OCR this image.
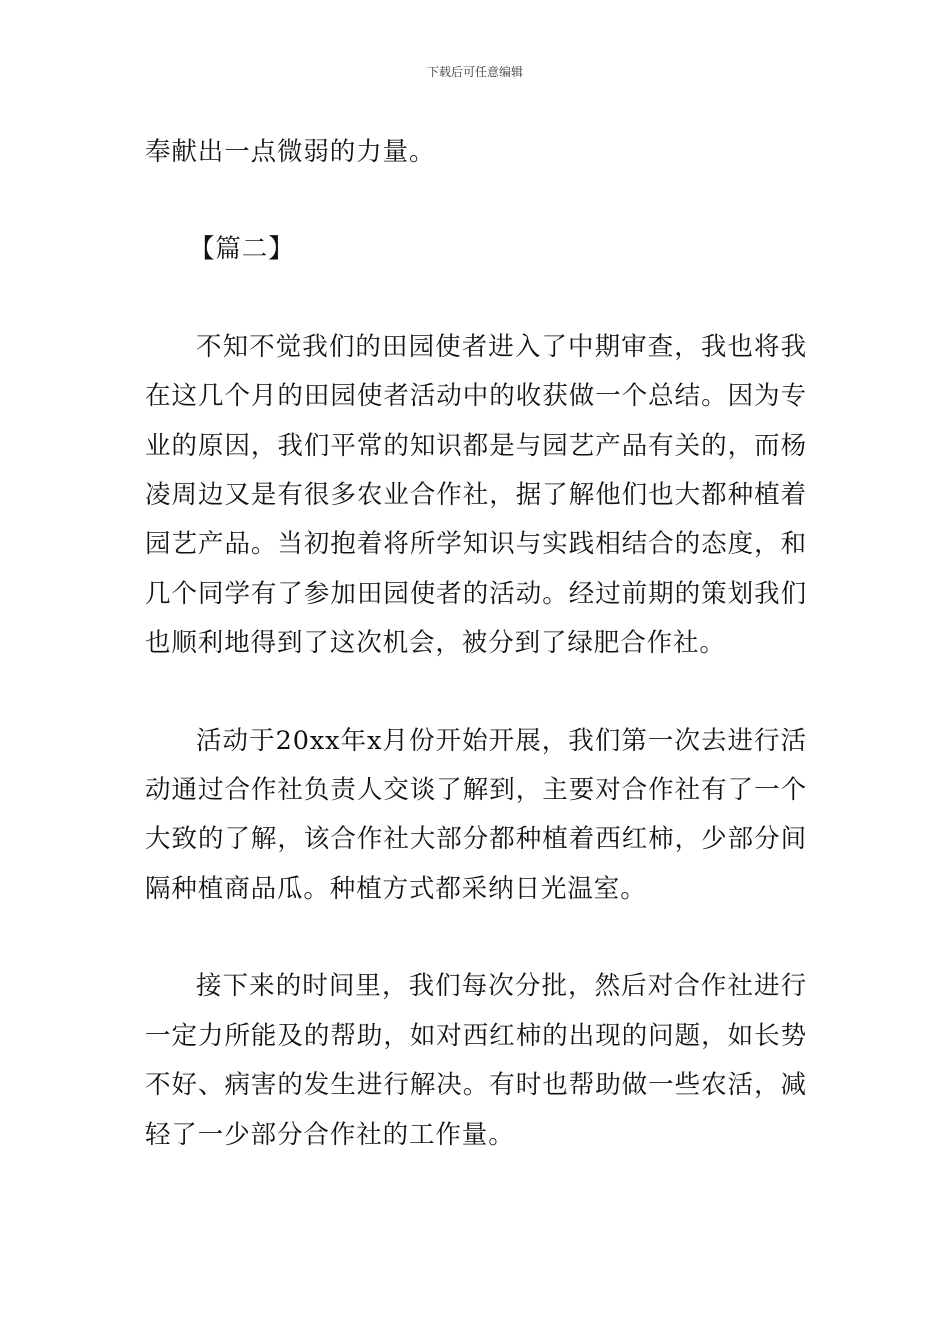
下载后可任意编辑

奉献出一点微弱的力量。

【篇二】

不知不觉我们的田园使者进入了中期审查，我也将我在这几个月的田园使者活动中的收获做一个总结。因为专业的原因，我们平常的知识都是与园艺产品有关的，而杨凌周边又是有很多农业合作社，据了解他们也大都种植着园艺产品。当初抱着将所学知识与实践相结合的态度，和几个同学有了参加田园使者的活动。经过前期的策划我们也顺利地得到了这次机会，被分到了绿肥合作社。

活动于20xx年x月份开始开展，我们第一次去进行活动通过合作社负责人交谈了解到，主要对合作社有了一个大致的了解，该合作社大部分都种植着西红柿，少部分间隔种植商品瓜。种植方式都采纳日光温室。

接下来的时间里，我们每次分批，然后对合作社进行一定力所能及的帮助，如对西红柿的出现的问题，如长势不好、病害的发生进行解决。有时也帮助做一些农活，减轻了一少部分合作社的工作量。
